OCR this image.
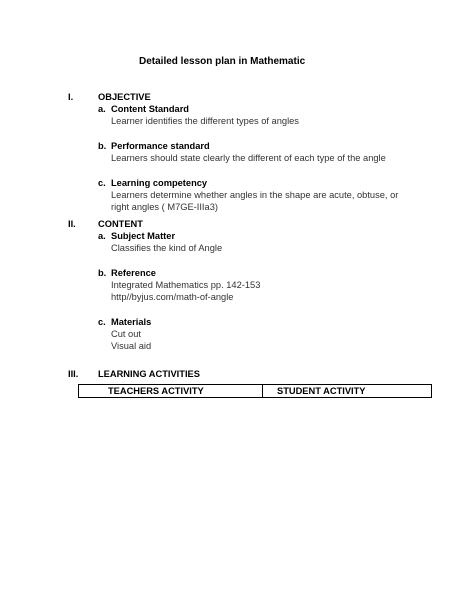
Detailed lesson plan in Mathematic
I.	OBJECTIVE
a. Content Standard
Learner identifies the different types of angles
b. Performance standard
Learners should state clearly the different of each type of the angle
c. Learning competency
Learners determine whether angles in the shape are acute, obtuse, or
right angles ( M7GE-IIIa3)
II. CONTENT
a. Subject Matter
Classifies the kind of Angle
b. Reference
Integrated Mathematics pp. 142-153
http//byjus.com/math-of-angle
c. Materials
Cut out
Visual aid
III. LEARNING ACTIVITIES
TEACHERS ACTIVITY	STUDENT ACTIVITY
